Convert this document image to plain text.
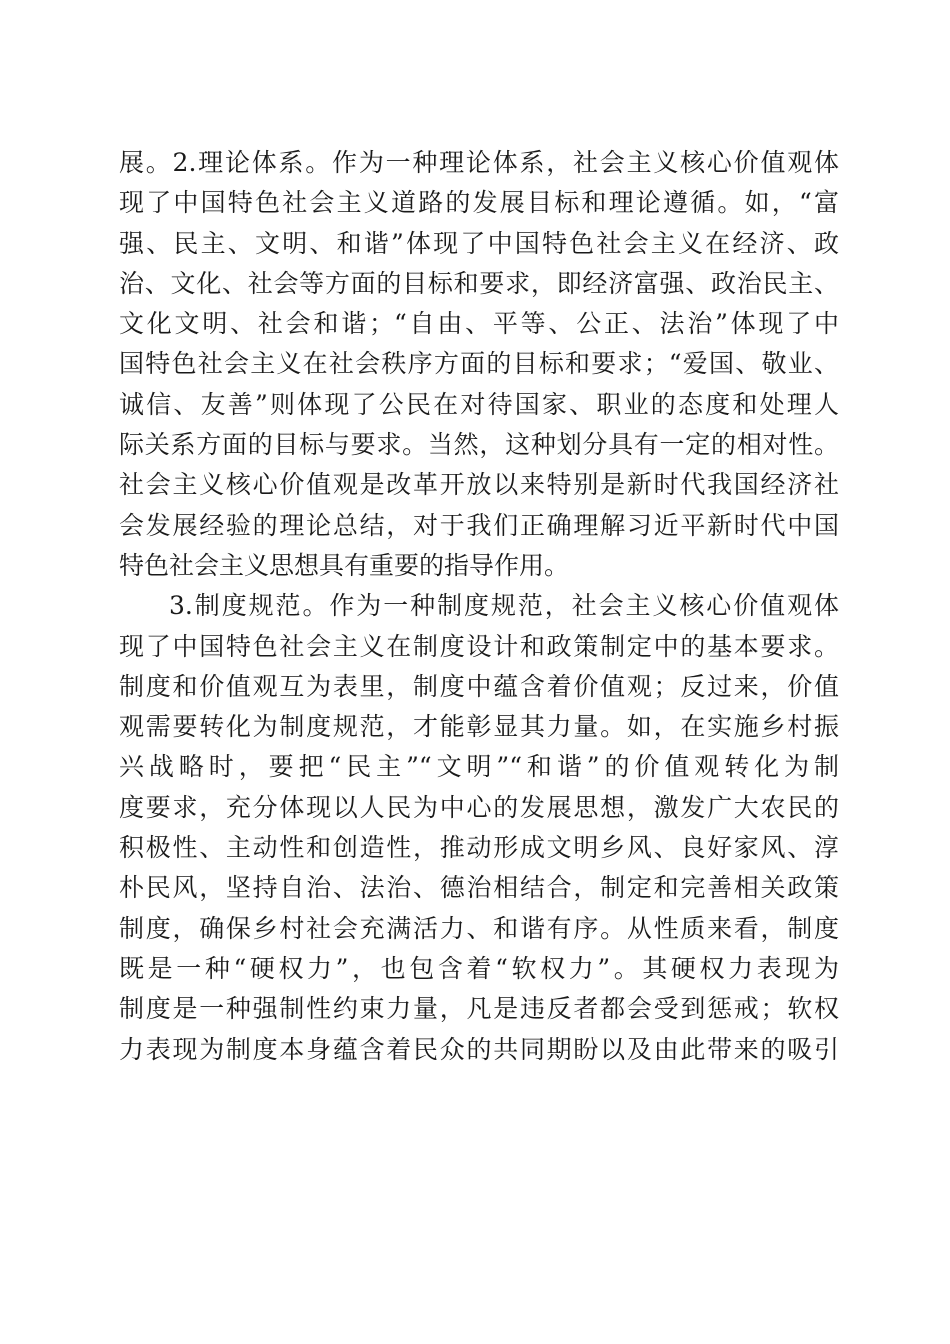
展。2.理论体系。作为一种理论体系，社会主义核心价值观体
现了中国特色社会主义道路的发展目标和理论遵循。如，“富
强、民主、文明、和谐”体现了中国特色社会主义在经济、政
治、文化、社会等方面的目标和要求，即经济富强、政治民主、
文化文明、社会和谐；“自由、平等、公正、法治”体现了中
国特色社会主义在社会秩序方面的目标和要求；“爱国、敬业、
诚信、友善”则体现了公民在对待国家、职业的态度和处理人
际关系方面的目标与要求。当然，这种划分具有一定的相对性。
社会主义核心价值观是改革开放以来特别是新时代我国经济社
会发展经验的理论总结，对于我们正确理解习近平新时代中国
特色社会主义思想具有重要的指导作用。
3.制度规范。作为一种制度规范，社会主义核心价值观体
现了中国特色社会主义在制度设计和政策制定中的基本要求。
制度和价值观互为表里，制度中蕴含着价值观；反过来，价值
观需要转化为制度规范，才能彰显其力量。如，在实施乡村振
兴战略时，要把“民主”“文明”“和谐”的价值观转化为制
度要求，充分体现以人民为中心的发展思想，激发广大农民的
积极性、主动性和创造性，推动形成文明乡风、良好家风、淳
朴民风，坚持自治、法治、德治相结合，制定和完善相关政策
制度，确保乡村社会充满活力、和谐有序。从性质来看，制度
既是一种“硬权力”，也包含着“软权力”。其硬权力表现为
制度是一种强制性约束力量，凡是违反者都会受到惩戒；软权
力表现为制度本身蕴含着民众的共同期盼以及由此带来的吸引
